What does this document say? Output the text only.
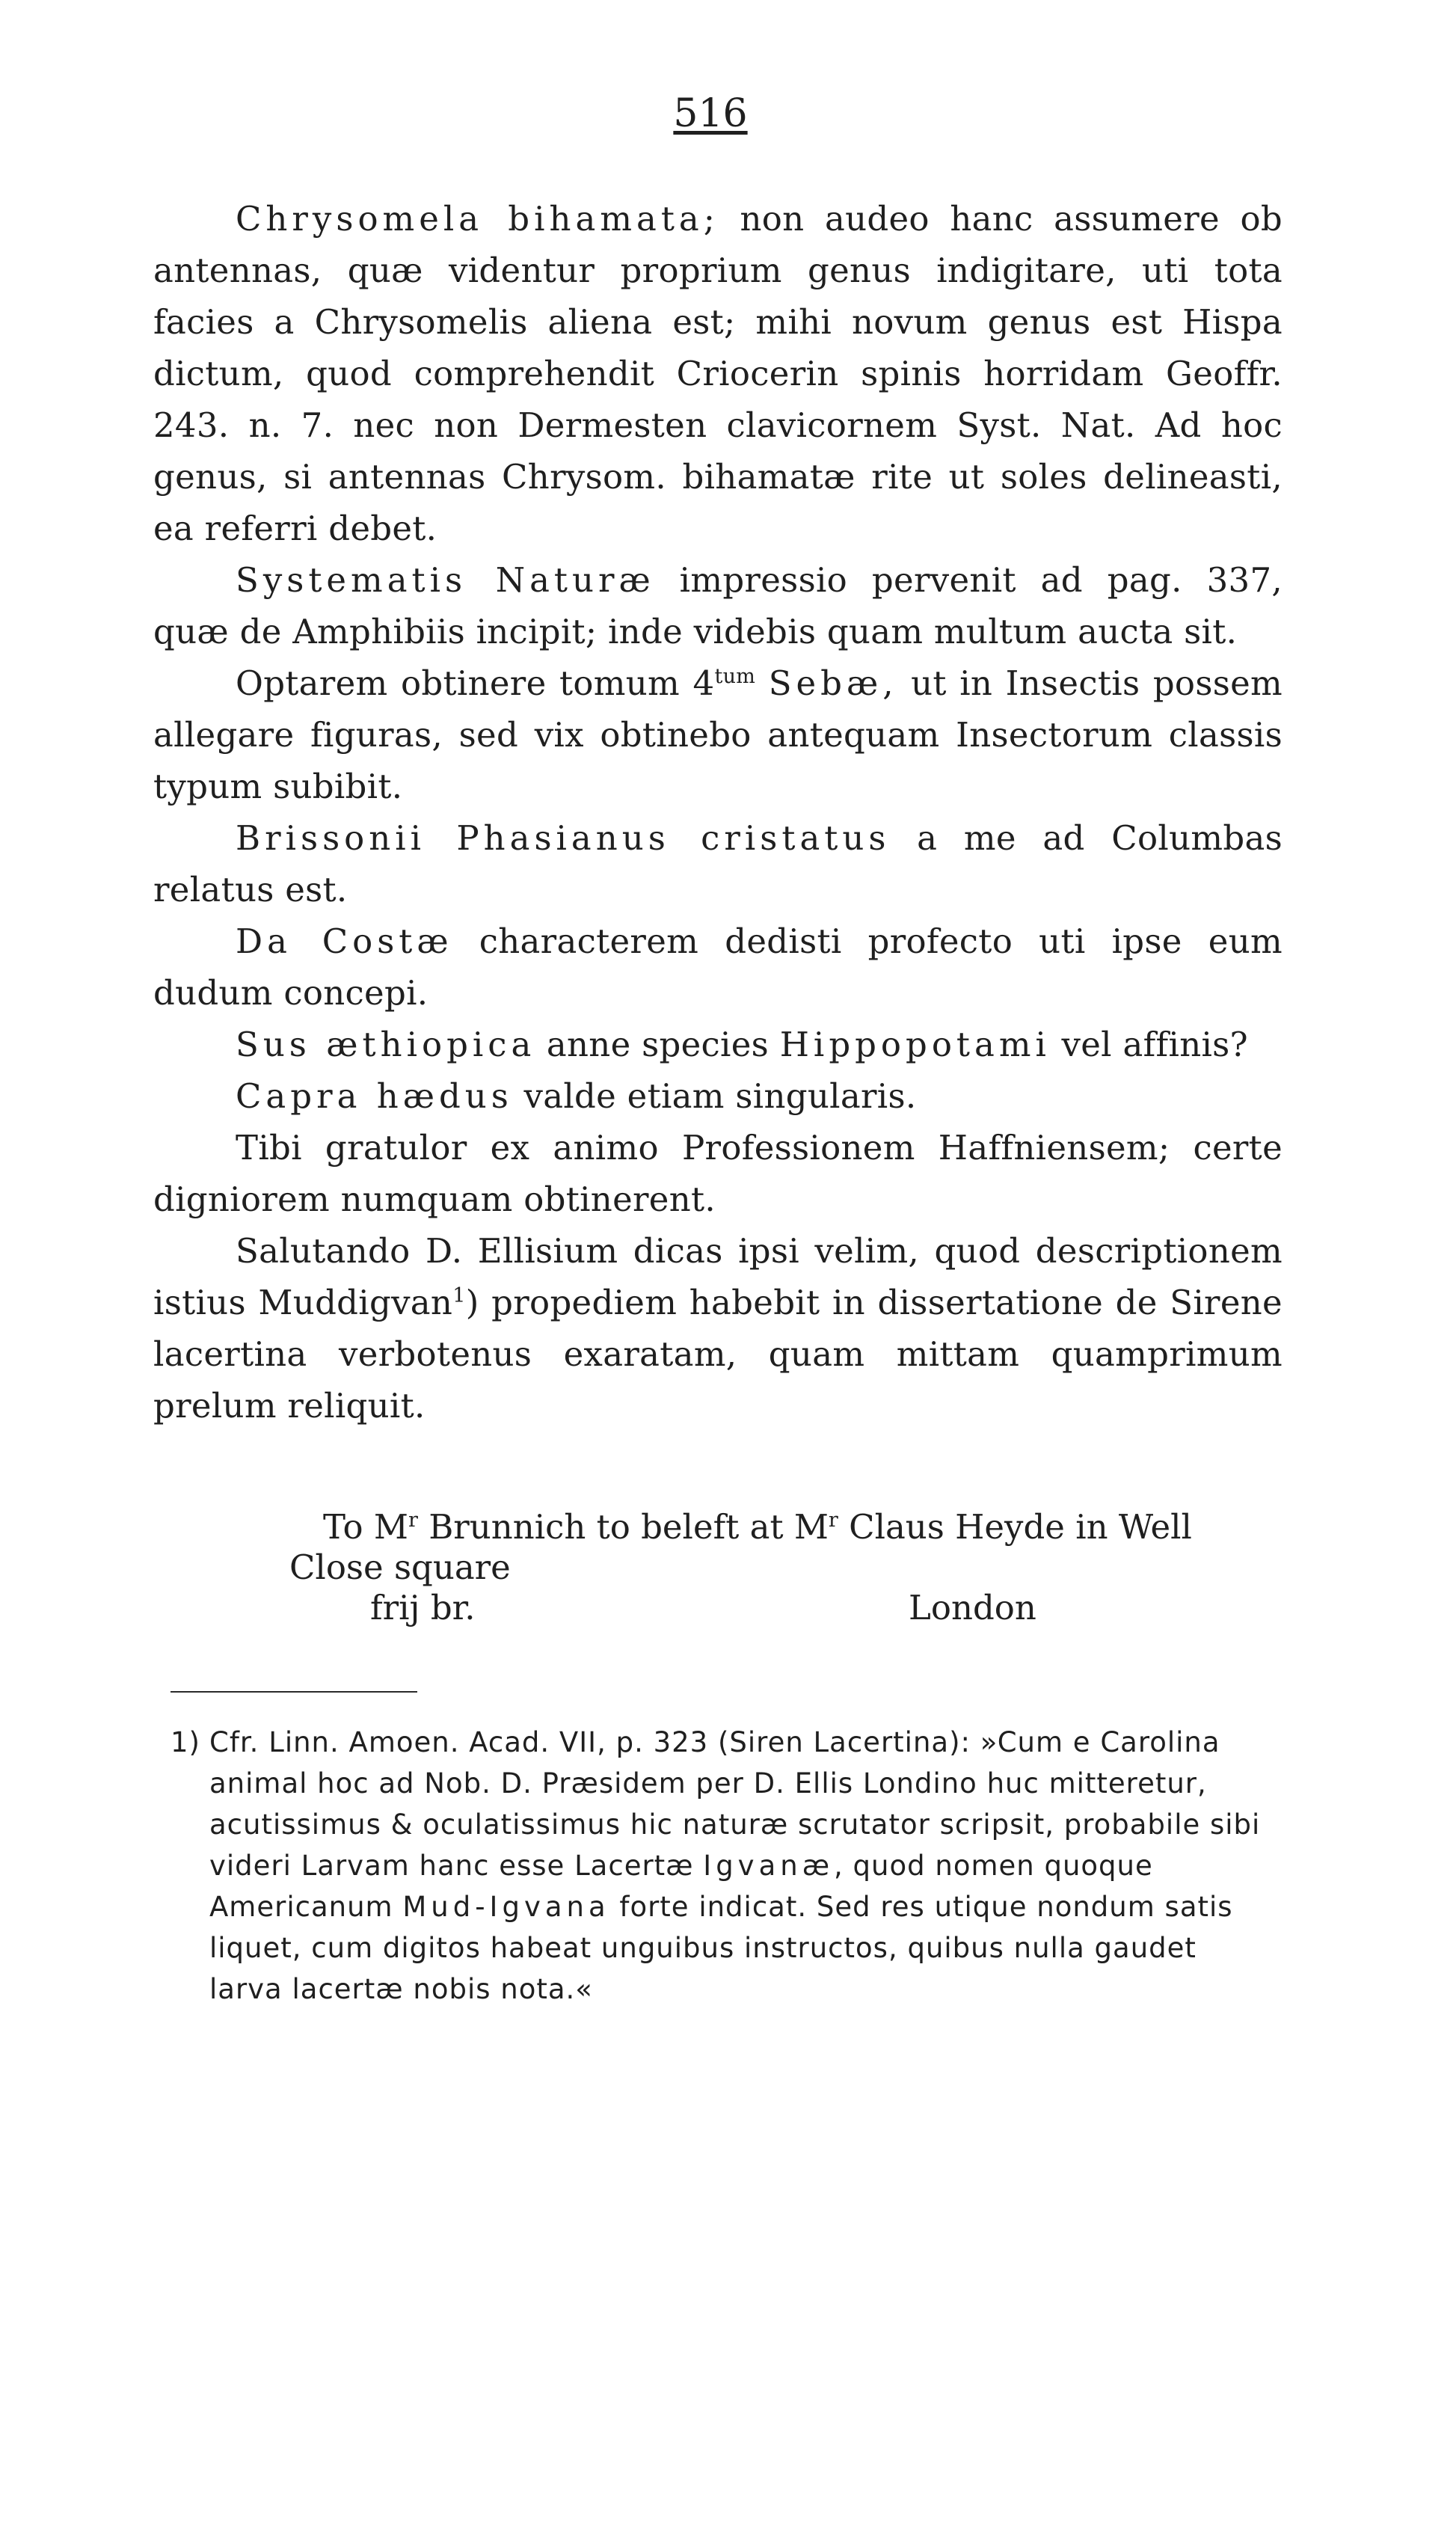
516

Chrysomela bihamata; non audeo hanc assumere ob antennas, quæ videntur proprium genus indigitare, uti tota facies a Chrysomelis aliena est; mihi novum genus est Hispa dictum, quod comprehendit Criocerin spinis horridam Geoffr. 243. n. 7. nec non Dermesten clavicornem Syst. Nat. Ad hoc genus, si antennas Chrysom. bihamatæ rite ut soles delineasti, ea referri debet.

Systematis Naturæ impressio pervenit ad pag. 337, quæ de Amphibiis incipit; inde videbis quam multum aucta sit.

Optarem obtinere tomum $4^{tum}$ Sebæ, ut in Insectis possem allegare figuras, sed vix obtinebo antequam Insectorum classis typum subibit.

Brissonii Phasianus cristatus a me ad Columbas relatus est.

Da Costæ characterem dedisti profecto uti ipse eum dudum concepi.

Sus æthiopica anne species Hippopotami vel affinis?

Capra hædus valde etiam singularis.

Tibi gratulor ex animo Professionem Haffniensem; certe digniorem numquam obtinerent.

Salutando D. Ellisium dicas ipsi velim, quod descriptionem istius Muddigvan$^1$) propediem habebit in dissertatione de Sirene lacertina verbotenus exaratam, quam mittam quamprimum prelum reliquit.

To $M^r$ Brunnich to beleft at $M^r$ Claus Heyde in Well
Close square
frij br.	London
1) Cfr. Linn. Amoen. Acad. VII, p. 323 (Siren Lacertina): »Cum e Carolina animal hoc ad Nob. D. Præsidem per D. Ellis Londino huc mitteretur, acutissimus & oculatissimus hic naturæ scrutator scripsit, probabile sibi videri Larvam hanc esse Lacertæ Igvanæ, quod nomen quoque Americanum Mud-Igvana forte indicat. Sed res utique nondum satis liquet, cum digitos habeat unguibus instructos, quibus nulla gaudet larva lacertæ nobis nota.«
